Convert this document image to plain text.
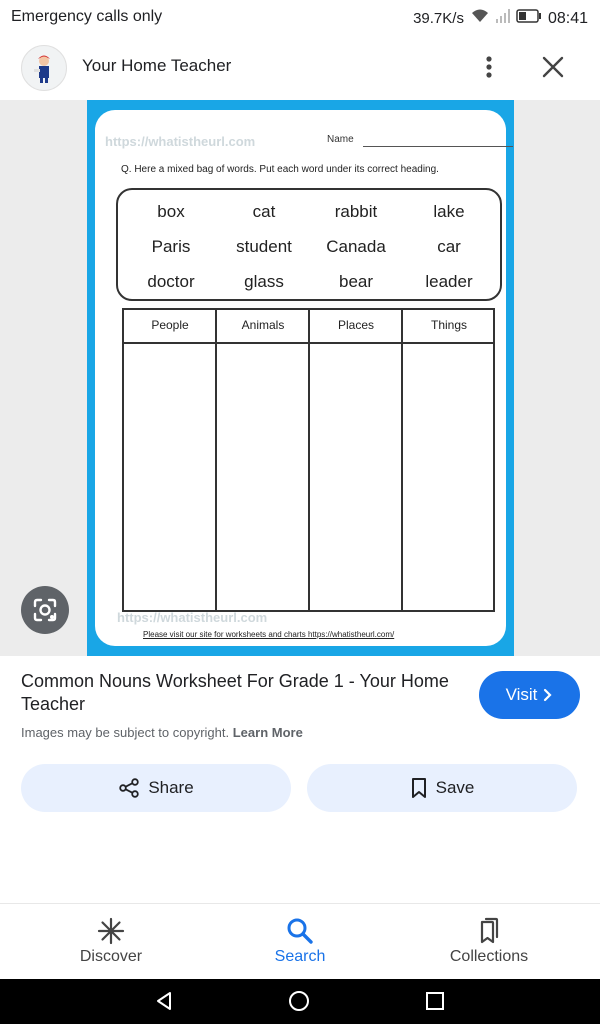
Emergency calls only	39.7K/s	08:41
Your Home Teacher
https://whatistheurl.com	Name
Q. Here a mixed bag of words. Put each word under its correct heading.
box	cat	rabbit	lake
Paris	student	Canada	car
doctor	glass	bear	leader
People	Animals	Places	Things
https://whatistheurl.com
Please visit our site for worksheets and charts https://whatistheurl.com/
Common Nouns Worksheet For Grade 1 - Your Home Teacher	Visit
Images may be subject to copyright. Learn More
Share	Save
Discover	Search	Collections
